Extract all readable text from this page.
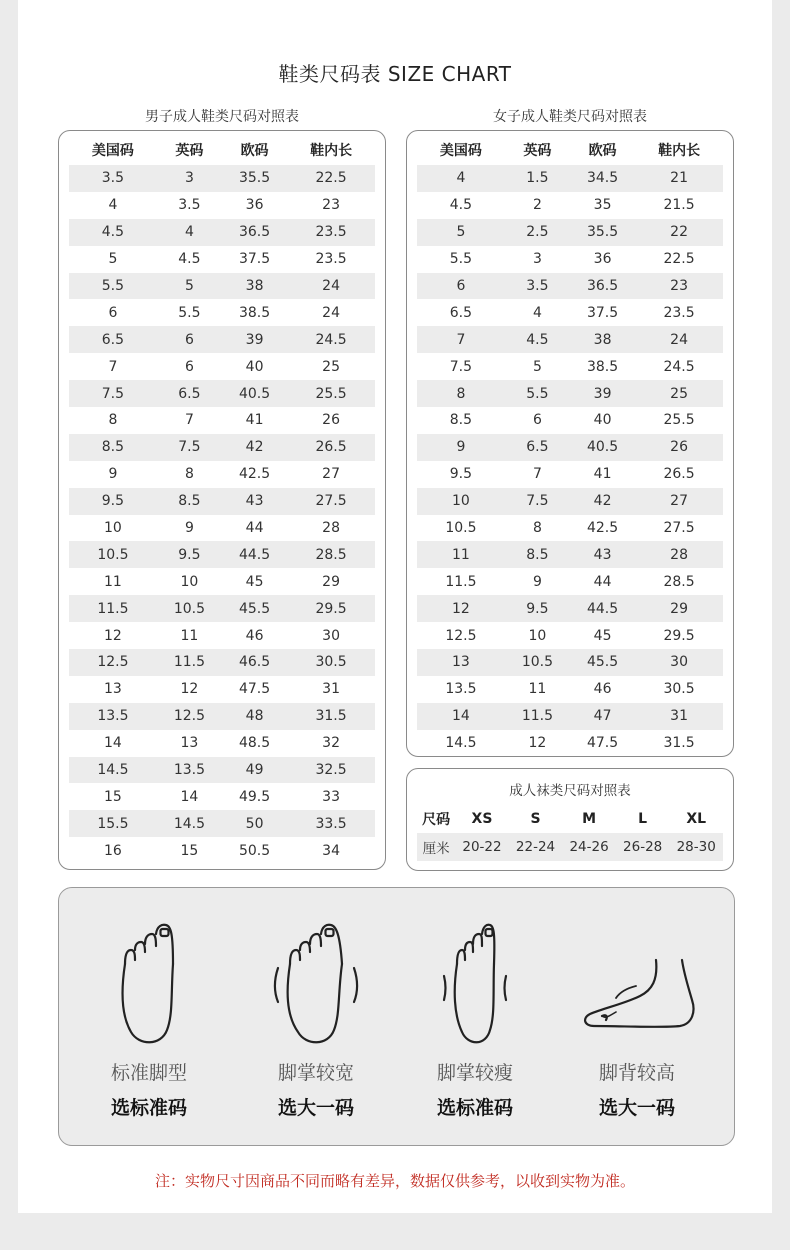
鞋类尺码表 SIZE CHART
男子成人鞋类尺码对照表
美国码	英码	欧码	鞋内长
3.5	3	35.5	22.5
4	3.5	36	23
4.5	4	36.5	23.5
5	4.5	37.5	23.5
5.5	5	38	24
6	5.5	38.5	24
6.5	6	39	24.5
7	6	40	25
7.5	6.5	40.5	25.5
8	7	41	26
8.5	7.5	42	26.5
9	8	42.5	27
9.5	8.5	43	27.5
10	9	44	28
10.5	9.5	44.5	28.5
11	10	45	29
11.5	10.5	45.5	29.5
12	11	46	30
12.5	11.5	46.5	30.5
13	12	47.5	31
13.5	12.5	48	31.5
14	13	48.5	32
14.5	13.5	49	32.5
15	14	49.5	33
15.5	14.5	50	33.5
16	15	50.5	34
女子成人鞋类尺码对照表
美国码	英码	欧码	鞋内长
4	1.5	34.5	21
4.5	2	35	21.5
5	2.5	35.5	22
5.5	3	36	22.5
6	3.5	36.5	23
6.5	4	37.5	23.5
7	4.5	38	24
7.5	5	38.5	24.5
8	5.5	39	25
8.5	6	40	25.5
9	6.5	40.5	26
9.5	7	41	26.5
10	7.5	42	27
10.5	8	42.5	27.5
11	8.5	43	28
11.5	9	44	28.5
12	9.5	44.5	29
12.5	10	45	29.5
13	10.5	45.5	30
13.5	11	46	30.5
14	11.5	47	31
14.5	12	47.5	31.5
成人袜类尺码对照表
尺码	XS	S	M	L	XL
厘米	20-22	22-24	24-26	26-28	28-30
标准脚型
选标准码
脚掌较宽
选大一码
脚掌较瘦
选标准码
脚背较高
选大一码
注：实物尺寸因商品不同而略有差异，数据仅供参考，以收到实物为准。
